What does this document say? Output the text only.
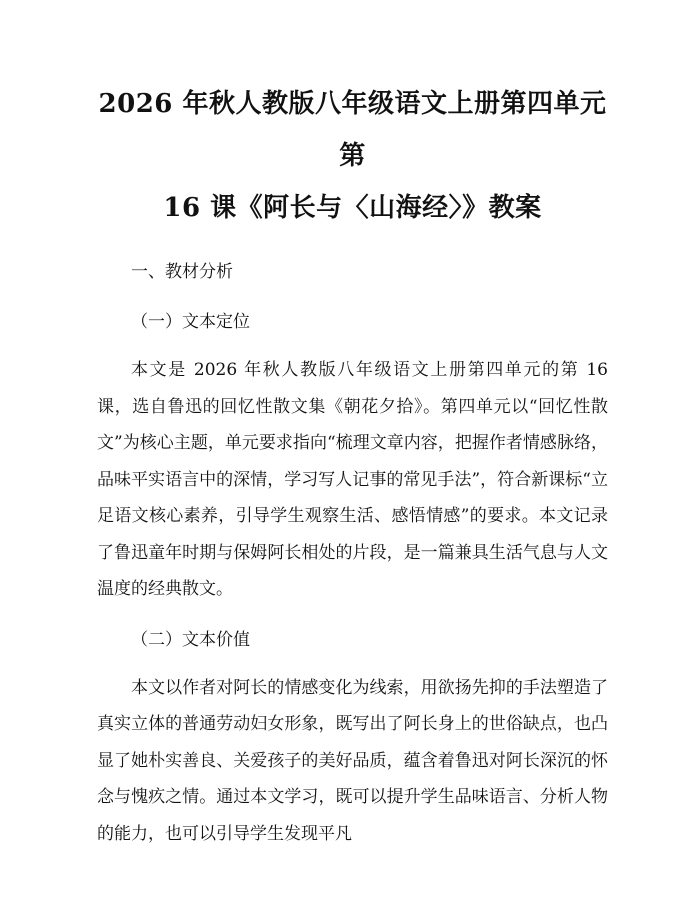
2026 年秋人教版八年级语文上册第四单元第
16 课《阿长与〈山海经〉》教案
一、教材分析
（一）文本定位

本文是 2026 年秋人教版八年级语文上册第四单元的第 16 课，选自鲁迅的回忆性散文集《朝花夕拾》。第四单元以“回忆性散文”为核心主题，单元要求指向“梳理文章内容，把握作者情感脉络，品味平实语言中的深情，学习写人记事的常见手法”，符合新课标“立足语文核心素养，引导学生观察生活、感悟情感”的要求。本文记录了鲁迅童年时期与保姆阿长相处的片段，是一篇兼具生活气息与人文温度的经典散文。

（二）文本价值

本文以作者对阿长的情感变化为线索，用欲扬先抑的手法塑造了真实立体的普通劳动妇女形象，既写出了阿长身上的世俗缺点，也凸显了她朴实善良、关爱孩子的美好品质，蕴含着鲁迅对阿长深沉的怀念与愧疚之情。通过本文学习，既可以提升学生品味语言、分析人物的能力，也可以引导学生发现平凡
